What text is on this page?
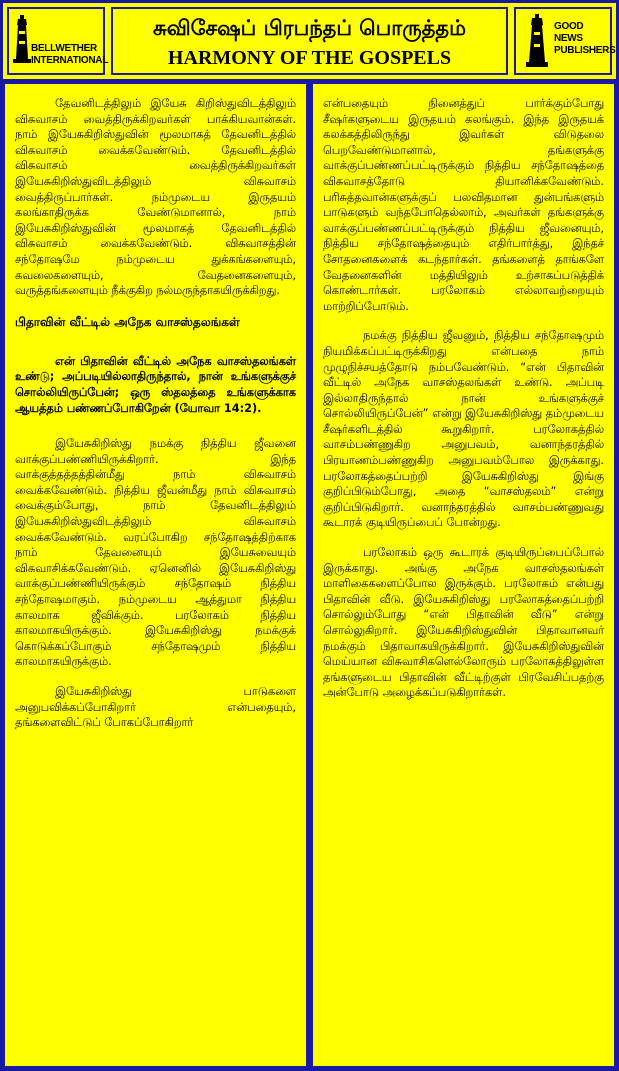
BELLWETHER INTERNATIONAL
சுவிசேஷப் பிரபந்தப் பொருத்தம்
HARMONY OF THE GOSPELS
GOOD NEWS PUBLISHERS

தேவனிடத்திலும் இயேசு கிறிஸ்துவிடத்திலும் விசுவாசம் வைத்திருக்கிறவர்கள் பாக்கியவான்கள். நாம் இயேசுகிறிஸ்துவின் மூலமாகத் தேவனிடத்தில் விசுவாசம் வைக்கவேண்டும். தேவனிடத்தில் விசுவாசம் வைத்திருக்கிறவர்கள் இயேசுகிறிஸ்துவிடத்திலும் விசுவாசம் வைத்திருப்பார்கள். நம்முடைய இருதயம் கலங்காதிருக்க வேண்டுமானால், நாம் இயேசுகிறிஸ்துவின் மூலமாகத் தேவனிடத்தில் விசுவாசம் வைக்கவேண்டும். விசுவாசத்தின் சந்தோஷமே நம்முடைய துக்கங்களையும், கவலைகளையும், வேதனைகளையும், வருத்தங்களையும் நீக்குகிற நல்மருந்தாகயிருக்கிறது.

பிதாவின் வீட்டில் அநேக வாசஸ்தலங்கள்

என் பிதாவின் வீட்டில் அநேக வாசஸ்தலங்கள் உண்டு; அப்படியில்லாதிருந்தால், நான் உங்களுக்குச் சொல்லியிருப்பேன்; ஒரு ஸ்தலத்தை உங்களுக்காக ஆயத்தம் பண்ணப்போகிறேன் (யோவா 14:2).

இயேசுகிறிஸ்து நமக்கு நித்திய ஜீவனை வாக்குப்பண்ணியிருக்கிறார். இந்த வாக்குத்தத்தத்தின்மீது நாம் விசுவாசம் வைக்கவேண்டும். நித்திய ஜீவன்மீது நாம் விசுவாசம் வைக்கும்போது, நாம் தேவனிடத்திலும் இயேசுகிறிஸ்துவிடத்திலும் விசுவாசம் வைக்கவேண்டும். வரப்போகிற சந்தோஷத்திற்காக நாம் தேவனையும் இயேசுவையும் விசுவாசிக்கவேண்டும். ஏனெனில் இயேசுகிறிஸ்து வாக்குப்பண்ணியிருக்கும் சந்தோஷம் நித்திய சந்தோஷமாகும். நம்முடைய ஆத்துமா நித்திய காலமாக ஜீவிக்கும். பரலோகம் நித்திய காலமாகயிருக்கும். இயேசுகிறிஸ்து நமக்குக் கொடுக்கப்போகும் சந்தோஷமும் நித்திய காலமாகயிருக்கும்.

இயேசுகிறிஸ்து பாடுகளை அனுபவிக்கப்போகிறார் என்பதையும், தங்களைவிட்டுப் போகப்போகிறார்

என்பதையும் நினைத்துப் பார்க்கும்போது சீஷர்களுடைய இருதயம் கலங்கும். இந்த இருதயக் கலக்கத்திலிருந்து இவர்கள் விடுதலை பெறவேண்டுமானால், தங்களுக்கு வாக்குப்பண்ணப்பட்டிருக்கும் நித்திய சந்தோஷத்தை விசுவாசத்தோடு தியானிக்கவேண்டும். பரிசுத்தவான்களுக்குப் பலவிதமான துன்பங்களும் பாடுகளும் வந்தபோதெல்லாம், அவர்கள் தங்களுக்கு வாக்குப்பண்ணப்பட்டிருக்கும் நித்திய ஜீவனையும், நித்திய சந்தோஷத்தையும் எதிர்பார்த்து, இந்தச் சோதனைகளைக் கடந்தார்கள். தங்களைத் தாங்களே வேதனைகளின் மத்தியிலும் உற்சாகப்படுத்திக் கொண்டார்கள். பரலோகம் எல்லாவற்றையும் மாற்றிப்போடும்.

நமக்கு நித்திய ஜீவனும், நித்திய சந்தோஷமும் நியமிக்கப்பட்டிருக்கிறது என்பதை நாம் முழுநிச்சயத்தோடு நம்பவேண்டும். “என் பிதாவின் வீட்டில் அநேக வாசஸ்தலங்கள் உண்டு. அப்படி இல்லாதிருந்தால் நான் உங்களுக்குச் சொல்லியிருப்பேன்” என்று இயேசுகிறிஸ்து தம்முடைய சீஷர்களிடத்தில் கூறுகிறார். பரலோகத்தில் வாசம்பண்ணுகிற அனுபவம், வனாந்தரத்தில் பிரயாணம்பண்ணுகிற அனுபவம்போல இருக்காது. பரலோகத்தைப்பற்றி இயேசுகிறிஸ்து இங்கு குறிப்பிடும்போது, அதை “வாசஸ்தலம்” என்று குறிப்பிடுகிறார். வனாந்தரத்தில் வாசம்பண்ணுவது கூடாரக் குடியிருப்பைப் போன்றது.

பரலோகம் ஒரு கூடாரக் குடியிருப்பைப்போல் இருக்காது. அங்கு அநேக வாசஸ்தலங்கள் மாளிகைகளைப்போல இருக்கும். பரலோகம் என்பது பிதாவின் வீடு. இயேசுகிறிஸ்து பரலோகத்தைப்பற்றி சொல்லும்போது “என் பிதாவின் வீடு” என்று சொல்லுகிறார். இயேசுகிறிஸ்துவின் பிதாவானவர் நமக்கும் பிதாவாகயிருக்கிறார். இயேசுகிறிஸ்துவின் மெய்யான விசுவாசிகளெல்லோரும் பரலோகத்திலுள்ள தங்களுடைய பிதாவின் வீட்டிற்குள் பிரவேசிப்பதற்கு அன்போடு அழைக்கப்படுகிறார்கள்.
